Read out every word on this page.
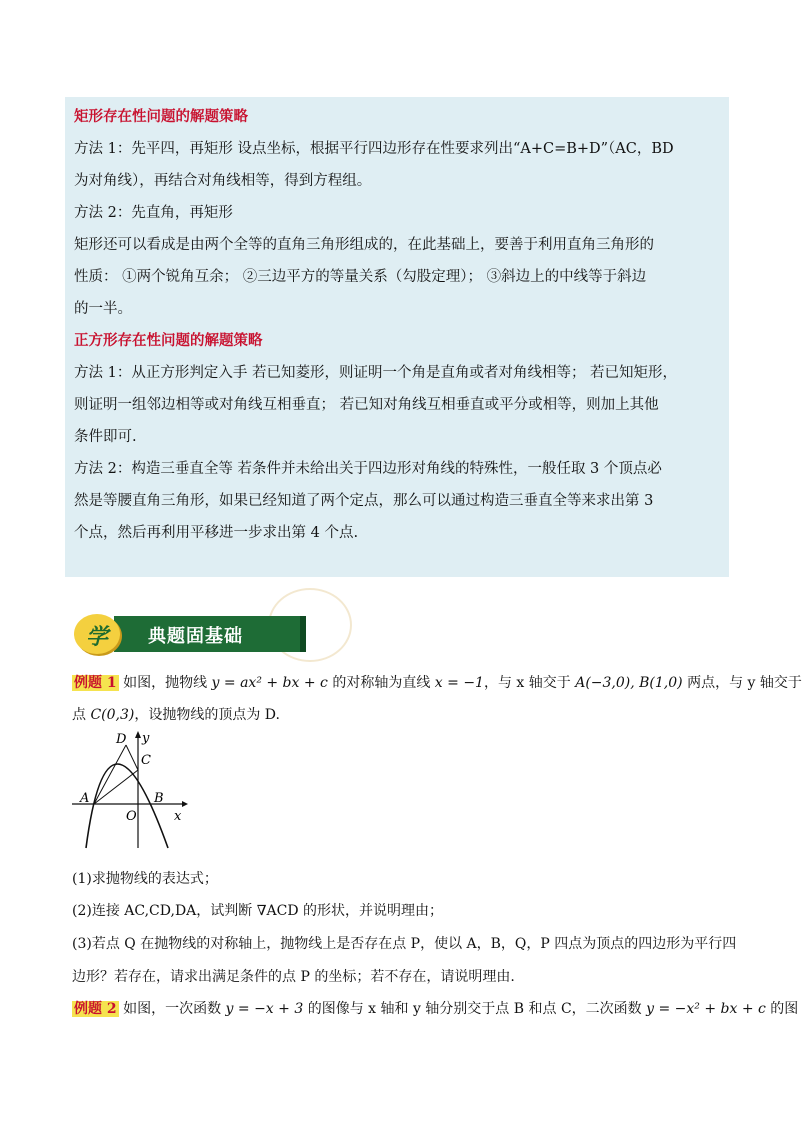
矩形存在性问题的解题策略
方法 1：先平四，再矩形 设点坐标，根据平行四边形存在性要求列出“A+C=B+D”（AC，BD
为对角线），再结合对角线相等，得到方程组。
方法 2：先直角，再矩形
矩形还可以看成是由两个全等的直角三角形组成的，在此基础上，要善于利用直角三角形的
性质： ①两个锐角互余； ②三边平方的等量关系（勾股定理）； ③斜边上的中线等于斜边
的一半。
正方形存在性问题的解题策略
方法 1：从正方形判定入手 若已知菱形，则证明一个角是直角或者对角线相等； 若已知矩形，
则证明一组邻边相等或对角线互相垂直； 若已知对角线互相垂直或平分或相等，则加上其他
条件即可.
方法 2：构造三垂直全等 若条件并未给出关于四边形对角线的特殊性，一般任取 3 个顶点必
然是等腰直角三角形，如果已经知道了两个定点，那么可以通过构造三垂直全等来求出第 3
个点，然后再利用平移进一步求出第 4 个点.
典题固基础
学
例题 1 如图，抛物线 y = ax² + bx + c 的对称轴为直线 x = −1，与 x 轴交于 A(−3,0), B(1,0) 两点，与 y 轴交于
点 C(0,3)，设抛物线的顶点为 D.
D y
C
A	B
O	x
(1)求抛物线的表达式；
(2)连接 AC,CD,DA，试判断 ∇ACD 的形状，并说明理由；
(3)若点 Q 在抛物线的对称轴上，抛物线上是否存在点 P，使以 A，B，Q，P 四点为顶点的四边形为平行四
边形？若存在，请求出满足条件的点 P 的坐标；若不存在，请说明理由.
例题 2 如图，一次函数 y = −x + 3 的图像与 x 轴和 y 轴分别交于点 B 和点 C，二次函数 y = −x² + bx + c 的图
